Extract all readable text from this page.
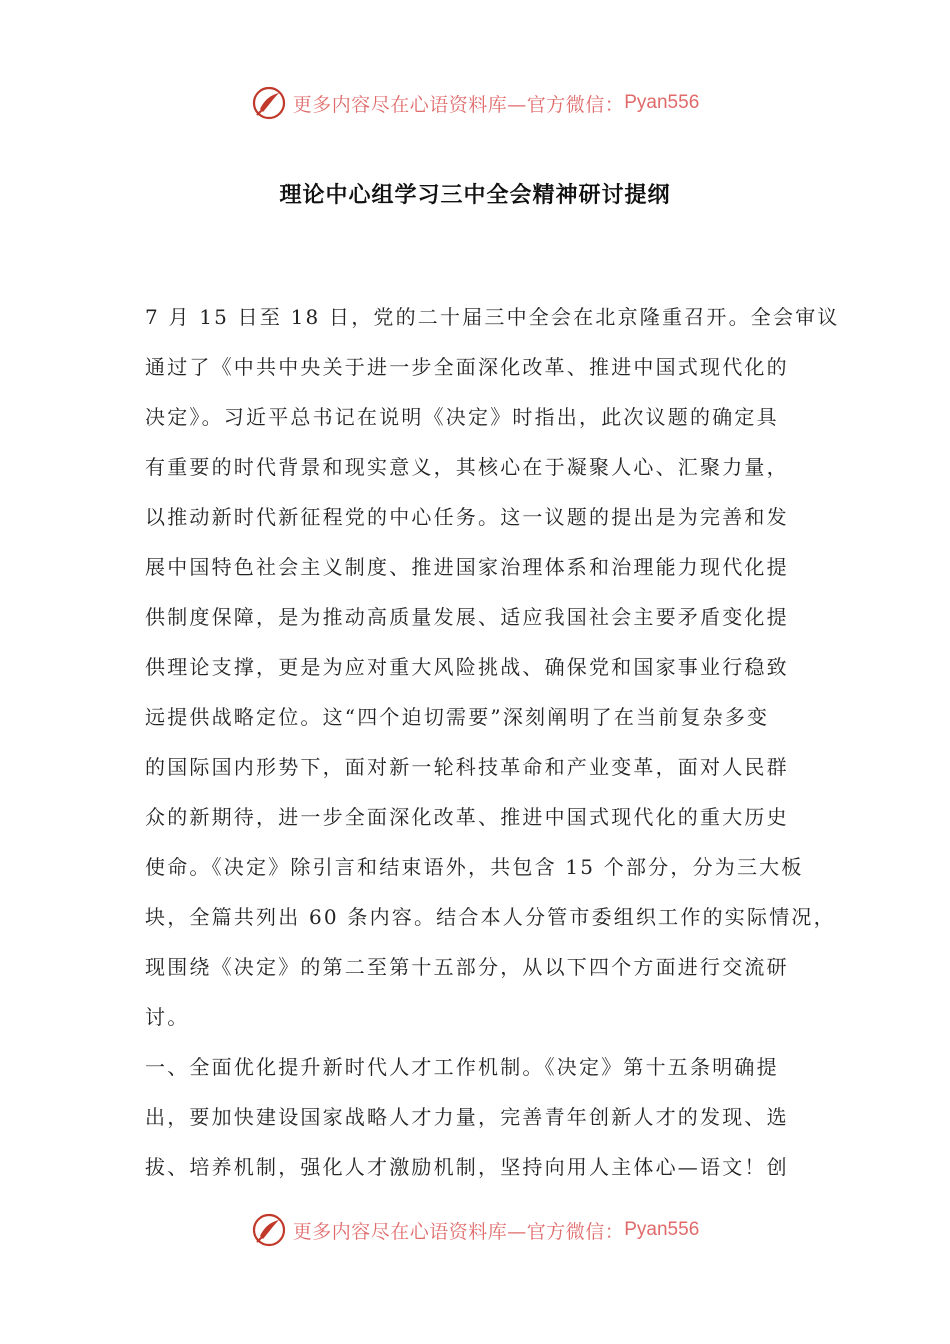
更多内容尽在心语资料库—官方微信： Pyan556
理论中心组学习三中全会精神研讨提纲
7 月 15 日至 18 日，党的二十届三中全会在北京隆重召开。全会审议
通过了《中共中央关于进一步全面深化改革、推进中国式现代化的
决定》。习近平总书记在说明《决定》时指出，此次议题的确定具
有重要的时代背景和现实意义，其核心在于凝聚人心、汇聚力量，
以推动新时代新征程党的中心任务。这一议题的提出是为完善和发
展中国特色社会主义制度、推进国家治理体系和治理能力现代化提
供制度保障，是为推动高质量发展、适应我国社会主要矛盾变化提
供理论支撑，更是为应对重大风险挑战、确保党和国家事业行稳致
远提供战略定位。这“四个迫切需要”深刻阐明了在当前复杂多变
的国际国内形势下，面对新一轮科技革命和产业变革，面对人民群
众的新期待，进一步全面深化改革、推进中国式现代化的重大历史
使命。《决定》除引言和结束语外，共包含 15 个部分，分为三大板
块，全篇共列出 60 条内容。结合本人分管市委组织工作的实际情况，
现围绕《决定》的第二至第十五部分，从以下四个方面进行交流研
讨。
一、全面优化提升新时代人才工作机制。《决定》第十五条明确提
出，要加快建设国家战略人才力量，完善青年创新人才的发现、选
拔、培养机制，强化人才激励机制，坚持向用人主体心—语文！创
更多内容尽在心语资料库—官方微信： Pyan556
